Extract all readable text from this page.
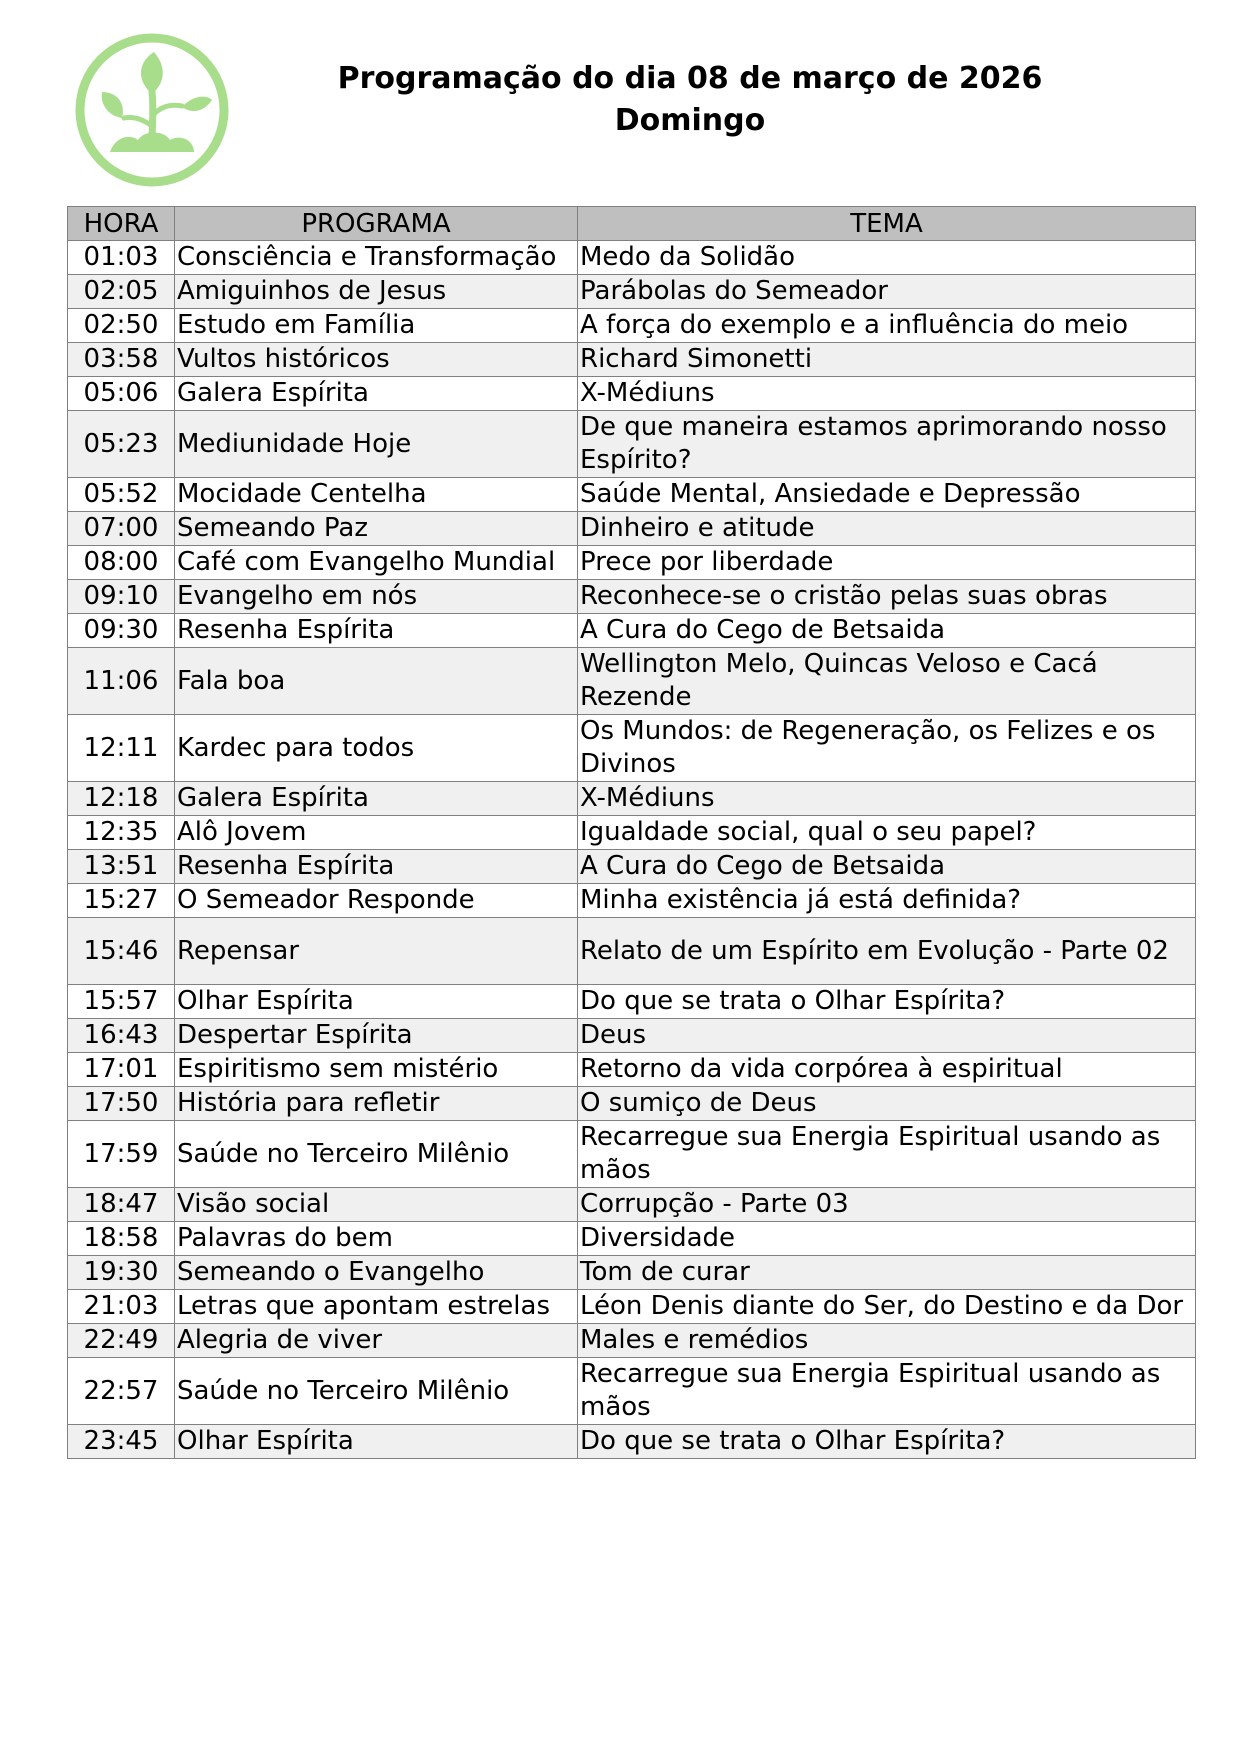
Programação do dia 08 de março de 2026
Domingo
HORA	PROGRAMA	TEMA
01:03	Consciência e Transformação	Medo da Solidão
02:05	Amiguinhos de Jesus	Parábolas do Semeador
02:50	Estudo em Família	A força do exemplo e a influência do meio
03:58	Vultos históricos	Richard Simonetti
05:06	Galera Espírita	X-Médiuns
05:23	Mediunidade Hoje	De que maneira estamos aprimorando nosso Espírito?
05:52	Mocidade Centelha	Saúde Mental, Ansiedade e Depressão
07:00	Semeando Paz	Dinheiro e atitude
08:00	Café com Evangelho Mundial	Prece por liberdade
09:10	Evangelho em nós	Reconhece-se o cristão pelas suas obras
09:30	Resenha Espírita	A Cura do Cego de Betsaida
11:06	Fala boa	Wellington Melo, Quincas Veloso e Cacá Rezende
12:11	Kardec para todos	Os Mundos: de Regeneração, os Felizes e os Divinos
12:18	Galera Espírita	X-Médiuns
12:35	Alô Jovem	Igualdade social, qual o seu papel?
13:51	Resenha Espírita	A Cura do Cego de Betsaida
15:27	O Semeador Responde	Minha existência já está definida?
15:46	Repensar	Relato de um Espírito em Evolução - Parte 02
15:57	Olhar Espírita	Do que se trata o Olhar Espírita?
16:43	Despertar Espírita	Deus
17:01	Espiritismo sem mistério	Retorno da vida corpórea à espiritual
17:50	História para refletir	O sumiço de Deus
17:59	Saúde no Terceiro Milênio	Recarregue sua Energia Espiritual usando as mãos
18:47	Visão social	Corrupção - Parte 03
18:58	Palavras do bem	Diversidade
19:30	Semeando o Evangelho	Tom de curar
21:03	Letras que apontam estrelas	Léon Denis diante do Ser, do Destino e da Dor
22:49	Alegria de viver	Males e remédios
22:57	Saúde no Terceiro Milênio	Recarregue sua Energia Espiritual usando as mãos
23:45	Olhar Espírita	Do que se trata o Olhar Espírita?
